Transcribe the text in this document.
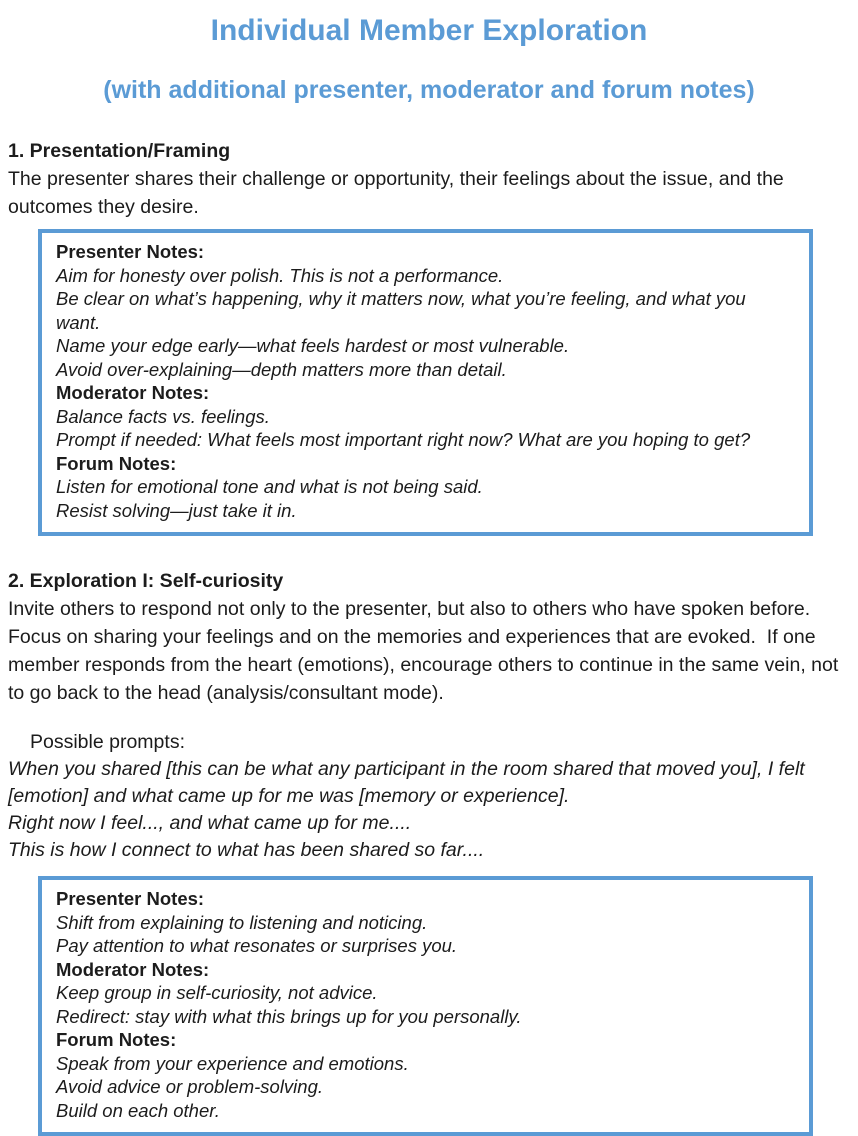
Individual Member Exploration
(with additional presenter, moderator and forum notes)

1. Presentation/Framing

The presenter shares their challenge or opportunity, their feelings about the issue, and the outcomes they desire.

Presenter Notes:
Aim for honesty over polish. This is not a performance.
Be clear on what’s happening, why it matters now, what you’re feeling, and what you want.
Name your edge early—what feels hardest or most vulnerable.
Avoid over-explaining—depth matters more than detail.
Moderator Notes:
Balance facts vs. feelings.
Prompt if needed: What feels most important right now? What are you hoping to get?
Forum Notes:
Listen for emotional tone and what is not being said.
Resist solving—just take it in.

2. Exploration I: Self-curiosity

Invite others to respond not only to the presenter, but also to others who have spoken before.   Focus on sharing your feelings and on the memories and experiences that are evoked.  If one member responds from the heart (emotions), encourage others to continue in the same vein, not to go back to the head (analysis/consultant mode).

Possible prompts:

When you shared [this can be what any participant in the room shared that moved you], I felt [emotion] and what came up for me was [memory or experience].
Right now I feel..., and what came up for me....
This is how I connect to what has been shared so far....
Presenter Notes:
Shift from explaining to listening and noticing.
Pay attention to what resonates or surprises you.
Moderator Notes:
Keep group in self-curiosity, not advice.
Redirect: stay with what this brings up for you personally.
Forum Notes:
Speak from your experience and emotions.
Avoid advice or problem-solving.
Build on each other.
